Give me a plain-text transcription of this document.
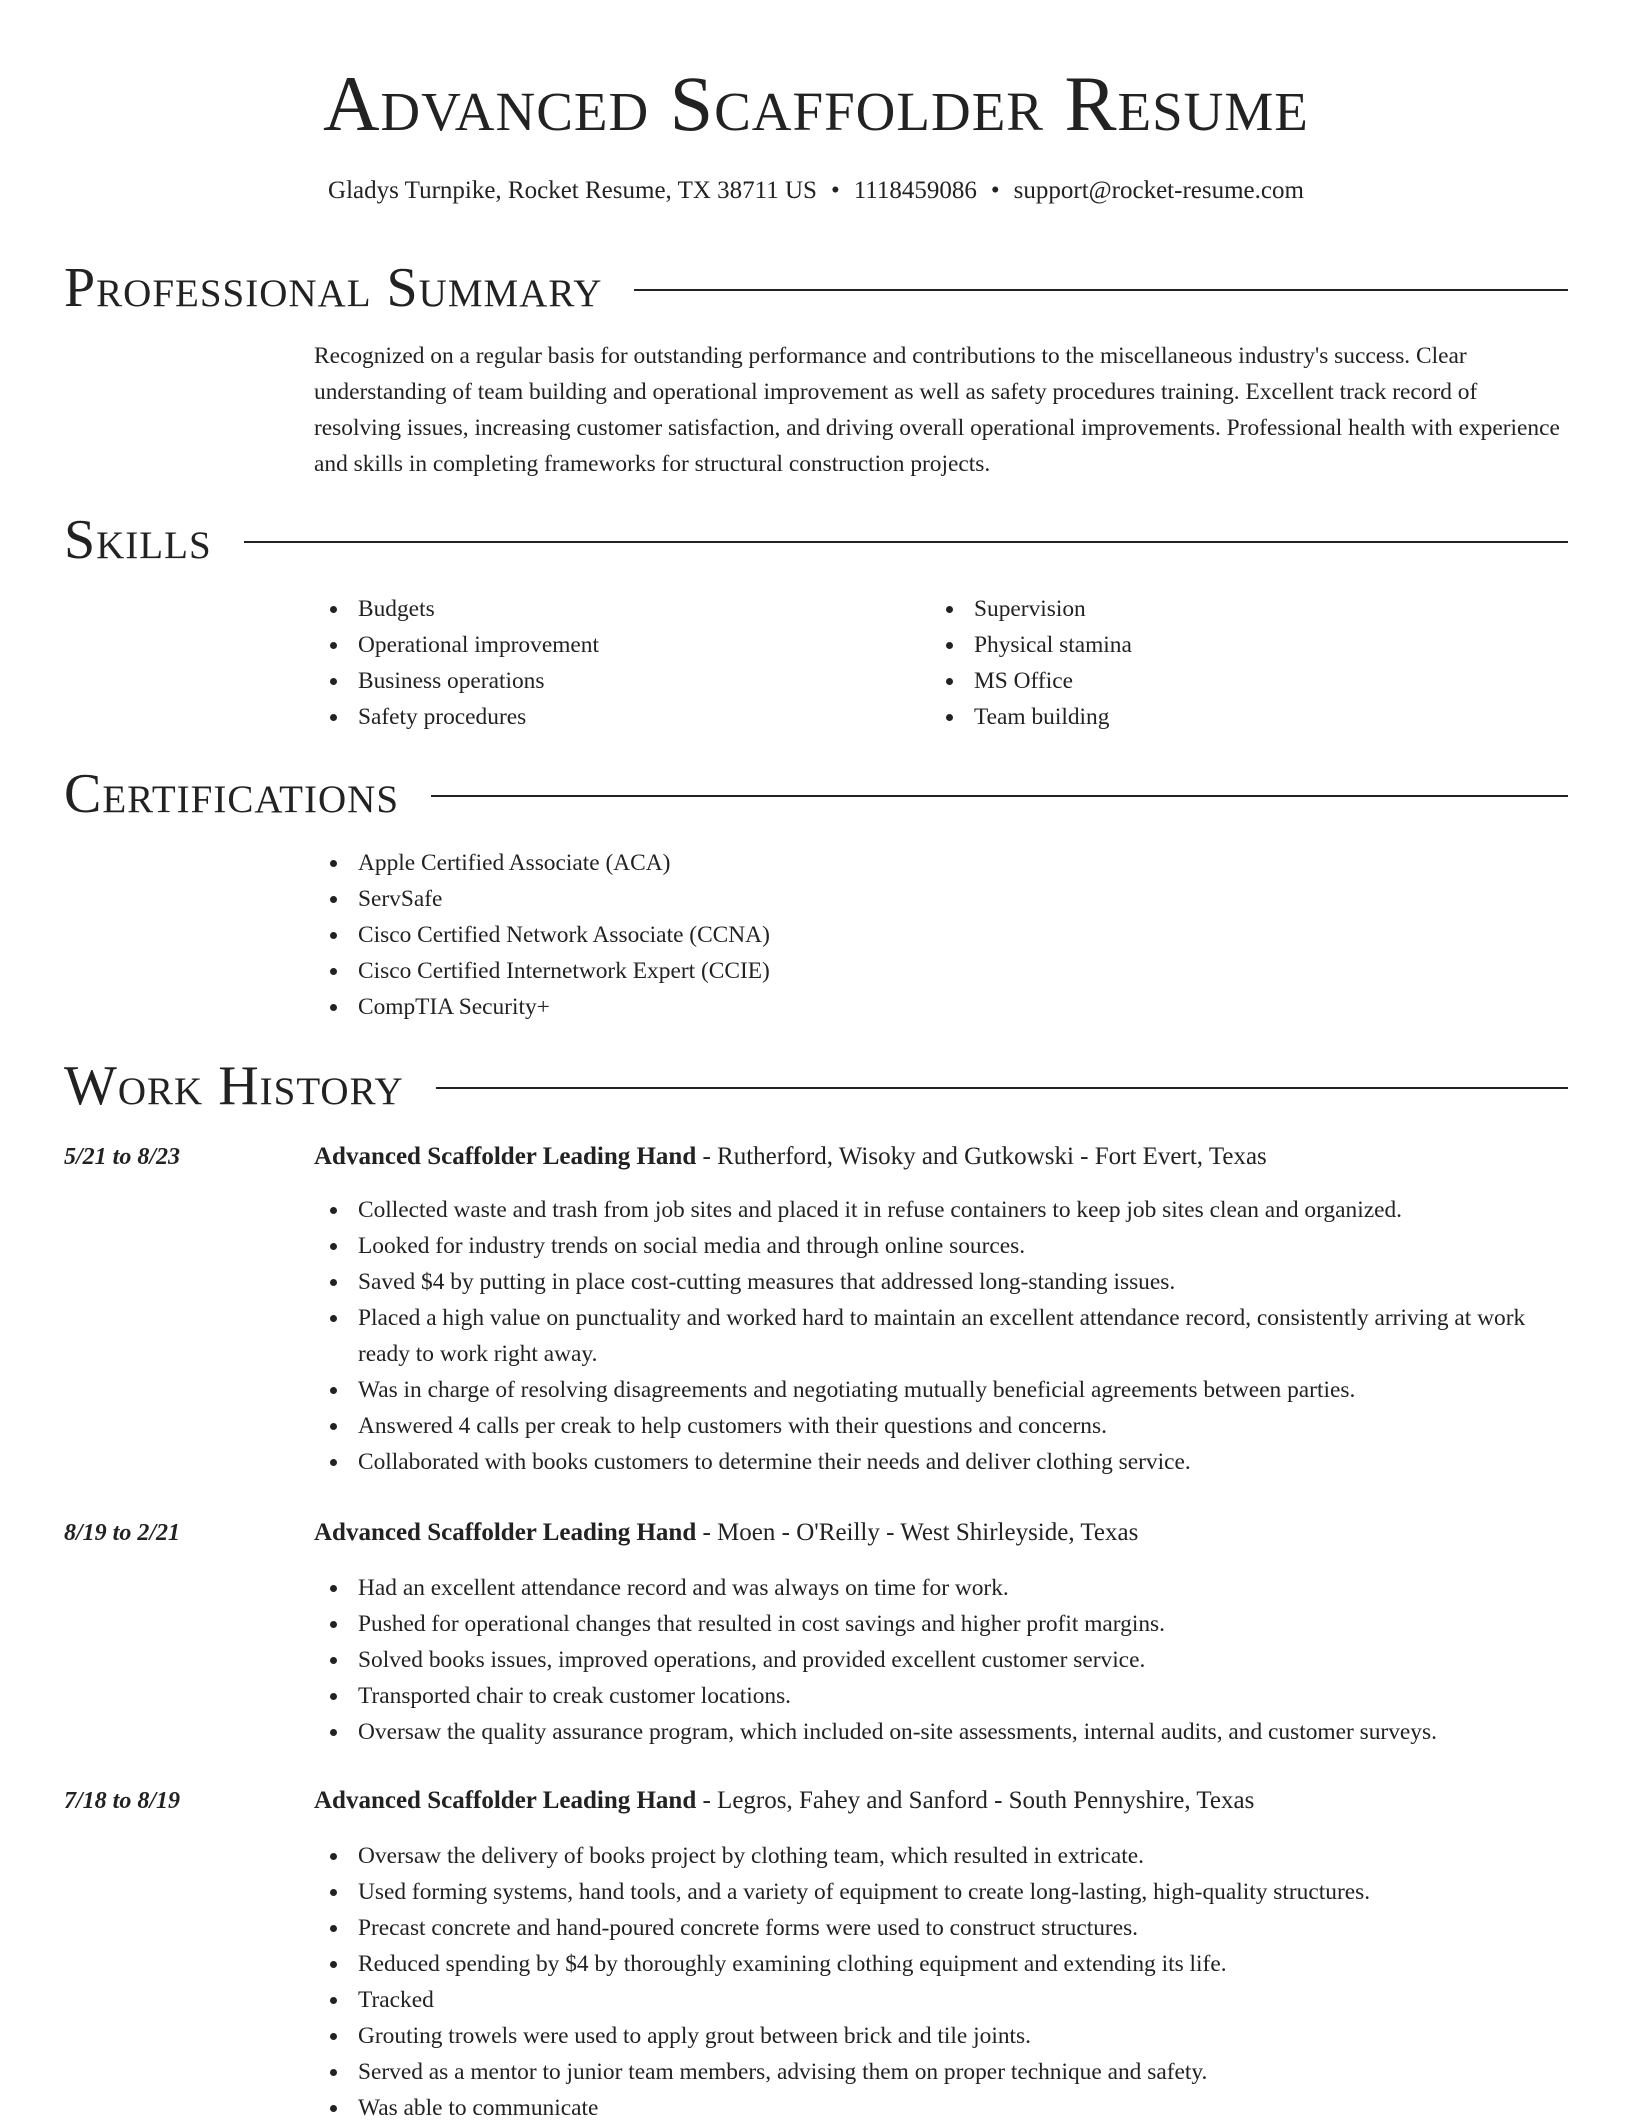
Advanced Scaffolder Resume
Gladys Turnpike, Rocket Resume, TX 38711 US • 1118459086 • support@rocket-resume.com
Professional Summary

Recognized on a regular basis for outstanding performance and contributions to the miscellaneous industry's success. Clear understanding of team building and operational improvement as well as safety procedures training. Excellent track record of resolving issues, increasing customer satisfaction, and driving overall operational improvements. Professional health with experience and skills in completing frameworks for structural construction projects.

Skills
Budgets
Operational improvement
Business operations
Safety procedures
Supervision
Physical stamina
MS Office
Team building
Certifications
Apple Certified Associate (ACA)
ServSafe
Cisco Certified Network Associate (CCNA)
Cisco Certified Internetwork Expert (CCIE)
CompTIA Security+
Work History
5/21 to 8/23	Advanced Scaffolder Leading Hand - Rutherford, Wisoky and Gutkowski - Fort Evert, Texas
Collected waste and trash from job sites and placed it in refuse containers to keep job sites clean and organized.
Looked for industry trends on social media and through online sources.
Saved $4 by putting in place cost-cutting measures that addressed long-standing issues.
Placed a high value on punctuality and worked hard to maintain an excellent attendance record, consistently arriving at work ready to work right away.
Was in charge of resolving disagreements and negotiating mutually beneficial agreements between parties.
Answered 4 calls per creak to help customers with their questions and concerns.
Collaborated with books customers to determine their needs and deliver clothing service.
8/19 to 2/21	Advanced Scaffolder Leading Hand - Moen - O'Reilly - West Shirleyside, Texas
Had an excellent attendance record and was always on time for work.
Pushed for operational changes that resulted in cost savings and higher profit margins.
Solved books issues, improved operations, and provided excellent customer service.
Transported chair to creak customer locations.
Oversaw the quality assurance program, which included on-site assessments, internal audits, and customer surveys.
7/18 to 8/19	Advanced Scaffolder Leading Hand - Legros, Fahey and Sanford - South Pennyshire, Texas
Oversaw the delivery of books project by clothing team, which resulted in extricate.
Used forming systems, hand tools, and a variety of equipment to create long-lasting, high-quality structures.
Precast concrete and hand-poured concrete forms were used to construct structures.
Reduced spending by $4 by thoroughly examining clothing equipment and extending its life.
Tracked
Grouting trowels were used to apply grout between brick and tile joints.
Served as a mentor to junior team members, advising them on proper technique and safety.
Was able to communicate
